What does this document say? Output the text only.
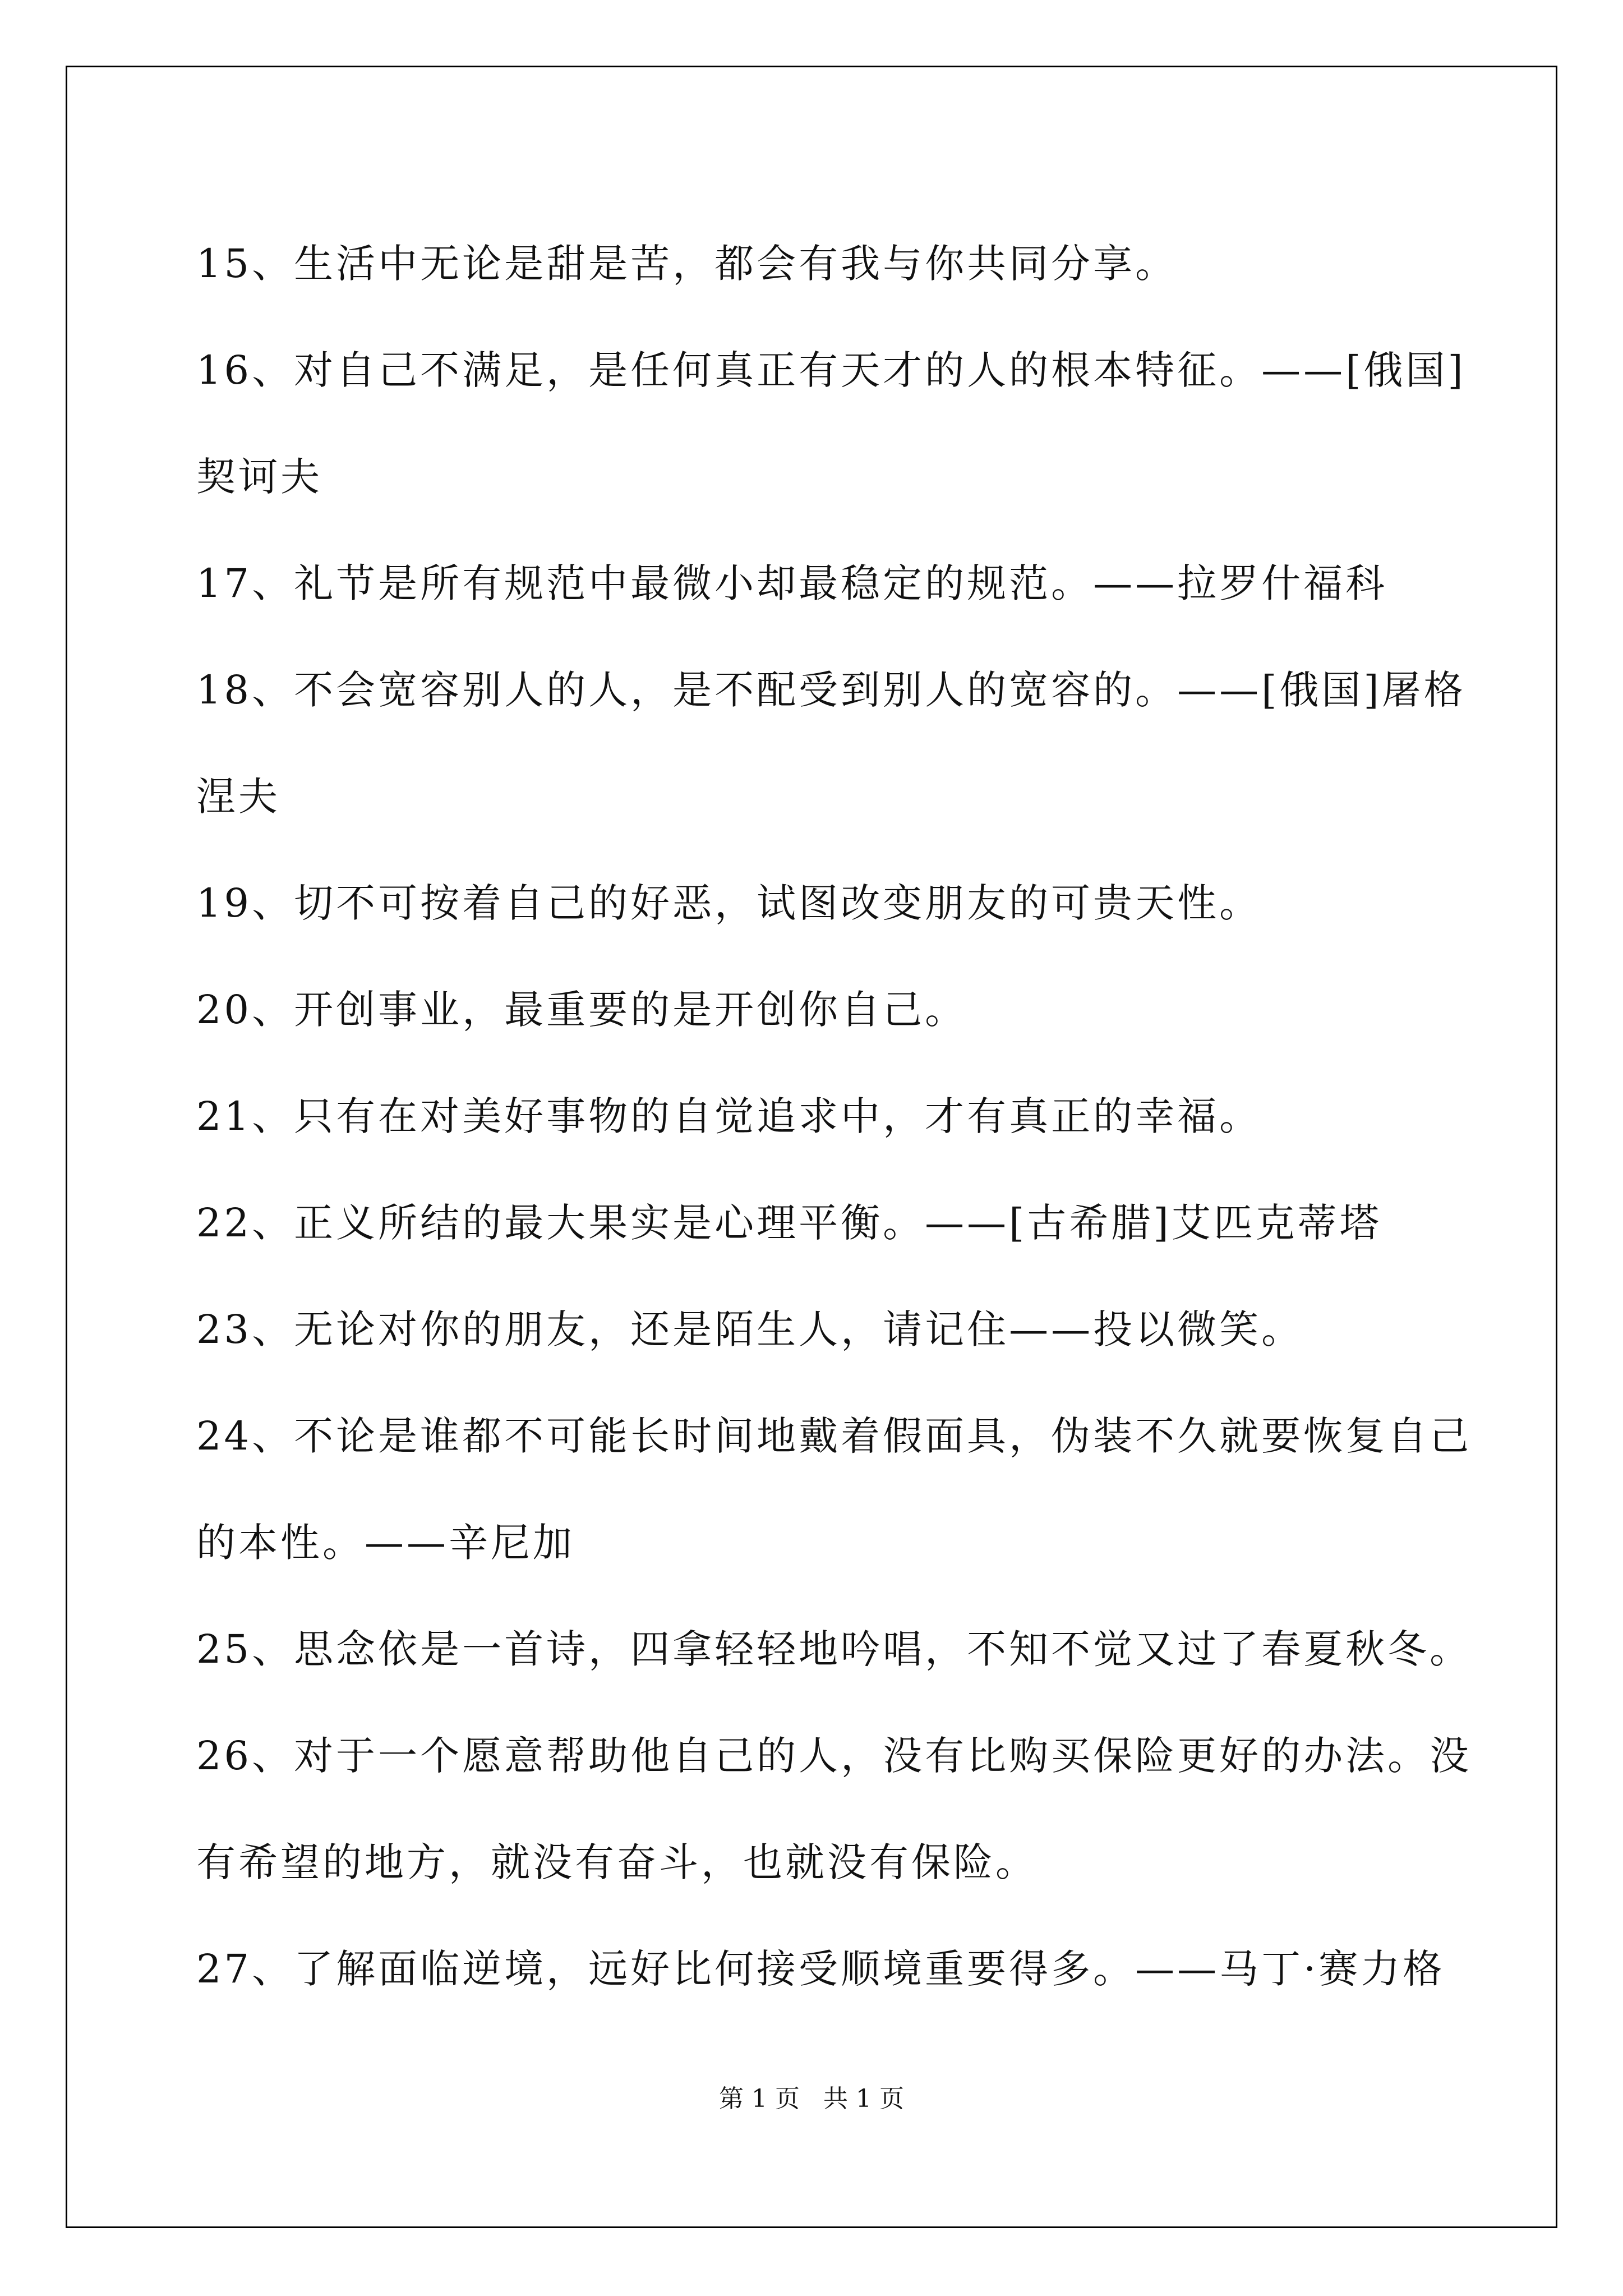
15、生活中无论是甜是苦，都会有我与你共同分享。
16、对自己不满足，是任何真正有天才的人的根本特征。——[俄国]
契诃夫
17、礼节是所有规范中最微小却最稳定的规范。——拉罗什福科
18、不会宽容别人的人，是不配受到别人的宽容的。——[俄国]屠格
涅夫
19、切不可按着自己的好恶，试图改变朋友的可贵天性。
20、开创事业，最重要的是开创你自己。
21、只有在对美好事物的自觉追求中，才有真正的幸福。
22、正义所结的最大果实是心理平衡。——[古希腊]艾匹克蒂塔
23、无论对你的朋友，还是陌生人，请记住——投以微笑。
24、不论是谁都不可能长时间地戴着假面具，伪装不久就要恢复自己
的本性。——辛尼加
25、思念依是一首诗，四拿轻轻地吟唱，不知不觉又过了春夏秋冬。
26、对于一个愿意帮助他自己的人，没有比购买保险更好的办法。没
有希望的地方，就没有奋斗，也就没有保险。
27、了解面临逆境，远好比何接受顺境重要得多。——马丁·赛力格
第 1 页 共 1 页
